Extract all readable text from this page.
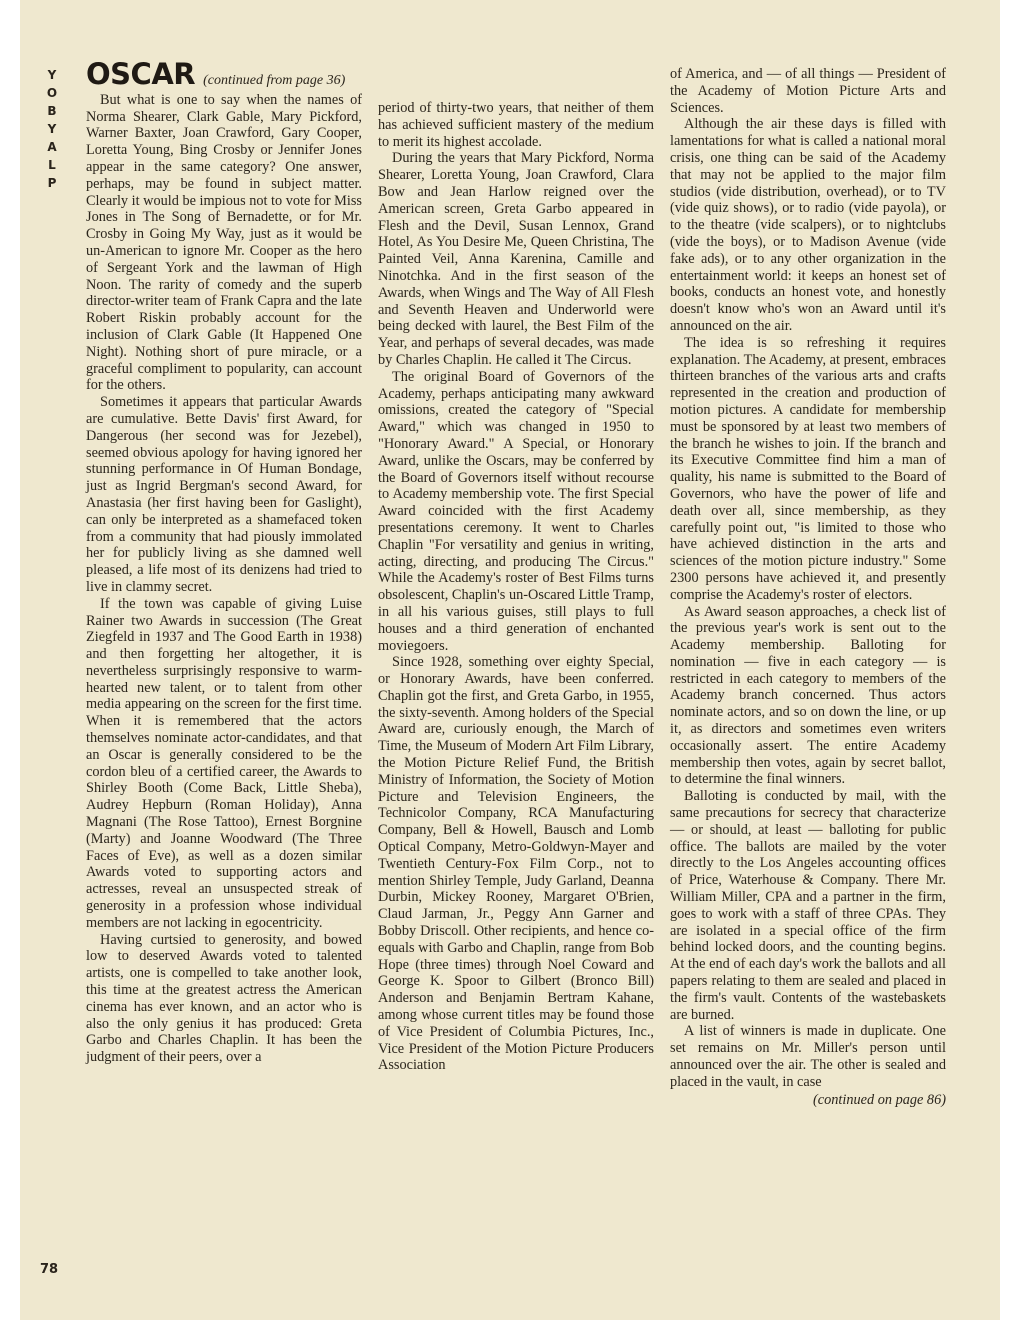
Y
O
B
Y
A
L
P
78
OSCAR (continued from page 36)

But what is one to say when the names of Norma Shearer, Clark Gable, Mary Pickford, Warner Baxter, Joan Crawford, Gary Cooper, Loretta Young, Bing Crosby or Jennifer Jones appear in the same category? One answer, perhaps, may be found in subject matter. Clearly it would be impious not to vote for Miss Jones in The Song of Bernadette, or for Mr. Crosby in Going My Way, just as it would be un-American to ignore Mr. Cooper as the hero of Sergeant York and the lawman of High Noon. The rarity of comedy and the superb director-writer team of Frank Capra and the late Robert Riskin probably account for the inclusion of Clark Gable (It Happened One Night). Nothing short of pure miracle, or a graceful compliment to popularity, can account for the others.

Sometimes it appears that particular Awards are cumulative. Bette Davis' first Award, for Dangerous (her second was for Jezebel), seemed obvious apology for having ignored her stunning performance in Of Human Bondage, just as Ingrid Bergman's second Award, for Anastasia (her first having been for Gaslight), can only be interpreted as a shamefaced token from a community that had piously immolated her for publicly living as she damned well pleased, a life most of its denizens had tried to live in clammy secret.

If the town was capable of giving Luise Rainer two Awards in succession (The Great Ziegfeld in 1937 and The Good Earth in 1938) and then forgetting her altogether, it is nevertheless surprisingly responsive to warm-hearted new talent, or to talent from other media appearing on the screen for the first time. When it is remembered that the actors themselves nominate actor-candidates, and that an Oscar is generally considered to be the cordon bleu of a certified career, the Awards to Shirley Booth (Come Back, Little Sheba), Audrey Hepburn (Roman Holiday), Anna Magnani (The Rose Tattoo), Ernest Borgnine (Marty) and Joanne Woodward (The Three Faces of Eve), as well as a dozen similar Awards voted to supporting actors and actresses, reveal an unsuspected streak of generosity in a profession whose individual members are not lacking in egocentricity.

Having curtsied to generosity, and bowed low to deserved Awards voted to talented artists, one is compelled to take another look, this time at the greatest actress the American cinema has ever known, and an actor who is also the only genius it has produced: Greta Garbo and Charles Chaplin. It has been the judgment of their peers, over a

period of thirty-two years, that neither of them has achieved sufficient mastery of the medium to merit its highest accolade.

During the years that Mary Pickford, Norma Shearer, Loretta Young, Joan Crawford, Clara Bow and Jean Harlow reigned over the American screen, Greta Garbo appeared in Flesh and the Devil, Susan Lennox, Grand Hotel, As You Desire Me, Queen Christina, The Painted Veil, Anna Karenina, Camille and Ninotchka. And in the first season of the Awards, when Wings and The Way of All Flesh and Seventh Heaven and Underworld were being decked with laurel, the Best Film of the Year, and perhaps of several decades, was made by Charles Chaplin. He called it The Circus.

The original Board of Governors of the Academy, perhaps anticipating many awkward omissions, created the category of "Special Award," which was changed in 1950 to "Honorary Award." A Special, or Honorary Award, unlike the Oscars, may be conferred by the Board of Governors itself without recourse to Academy membership vote. The first Special Award coincided with the first Academy presentations ceremony. It went to Charles Chaplin "For versatility and genius in writing, acting, directing, and producing The Circus." While the Academy's roster of Best Films turns obsolescent, Chaplin's un-Oscared Little Tramp, in all his various guises, still plays to full houses and a third generation of enchanted moviegoers.

Since 1928, something over eighty Special, or Honorary Awards, have been conferred. Chaplin got the first, and Greta Garbo, in 1955, the sixty-seventh. Among holders of the Special Award are, curiously enough, the March of Time, the Museum of Modern Art Film Library, the Motion Picture Relief Fund, the British Ministry of Information, the Society of Motion Picture and Television Engineers, the Technicolor Company, RCA Manufacturing Company, Bell & Howell, Bausch and Lomb Optical Company, Metro-Goldwyn-Mayer and Twentieth Century-Fox Film Corp., not to mention Shirley Temple, Judy Garland, Deanna Durbin, Mickey Rooney, Margaret O'Brien, Claud Jarman, Jr., Peggy Ann Garner and Bobby Driscoll. Other recipients, and hence co-equals with Garbo and Chaplin, range from Bob Hope (three times) through Noel Coward and George K. Spoor to Gilbert (Bronco Bill) Anderson and Benjamin Bertram Kahane, among whose current titles may be found those of Vice President of Columbia Pictures, Inc., Vice President of the Motion Picture Producers Association

of America, and — of all things — President of the Academy of Motion Picture Arts and Sciences.

Although the air these days is filled with lamentations for what is called a national moral crisis, one thing can be said of the Academy that may not be applied to the major film studios (vide distribution, overhead), or to TV (vide quiz shows), or to radio (vide payola), or to the theatre (vide scalpers), or to nightclubs (vide the boys), or to Madison Avenue (vide fake ads), or to any other organization in the entertainment world: it keeps an honest set of books, conducts an honest vote, and honestly doesn't know who's won an Award until it's announced on the air.

The idea is so refreshing it requires explanation. The Academy, at present, embraces thirteen branches of the various arts and crafts represented in the creation and production of motion pictures. A candidate for membership must be sponsored by at least two members of the branch he wishes to join. If the branch and its Executive Committee find him a man of quality, his name is submitted to the Board of Governors, who have the power of life and death over all, since membership, as they carefully point out, "is limited to those who have achieved distinction in the arts and sciences of the motion picture industry." Some 2300 persons have achieved it, and presently comprise the Academy's roster of electors.

As Award season approaches, a check list of the previous year's work is sent out to the Academy membership. Balloting for nomination — five in each category — is restricted in each category to members of the Academy branch concerned. Thus actors nominate actors, and so on down the line, or up it, as directors and sometimes even writers occasionally assert. The entire Academy membership then votes, again by secret ballot, to determine the final winners.

Balloting is conducted by mail, with the same precautions for secrecy that characterize — or should, at least — balloting for public office. The ballots are mailed by the voter directly to the Los Angeles accounting offices of Price, Waterhouse & Company. There Mr. William Miller, CPA and a partner in the firm, goes to work with a staff of three CPAs. They are isolated in a special office of the firm behind locked doors, and the counting begins. At the end of each day's work the ballots and all papers relating to them are sealed and placed in the firm's vault. Contents of the wastebaskets are burned.

A list of winners is made in duplicate. One set remains on Mr. Miller's person until announced over the air. The other is sealed and placed in the vault, in case

(continued on page 86)
